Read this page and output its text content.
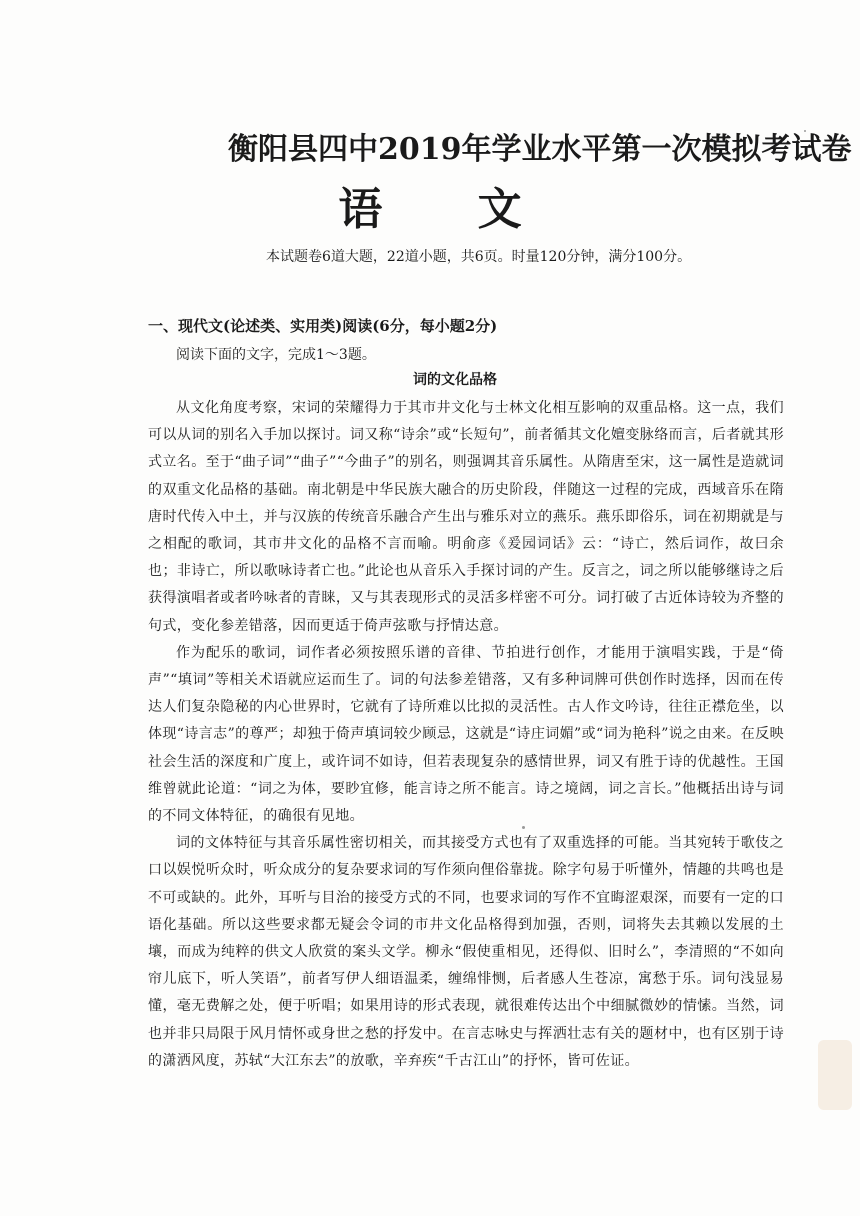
衡阳县四中2019年学业水平第一次模拟考试卷
语 文
本试题卷6道大题，22道小题，共6页。时量120分钟，满分100分。
一、现代文(论述类、实用类)阅读(6分，每小题2分)
阅读下面的文字，完成1～3题。
词的文化品格

从文化角度考察，宋词的荣耀得力于其市井文化与士林文化相互影响的双重品格。这一点，我们可以从词的别名入手加以探讨。词又称“诗余”或“长短句”，前者循其文化嬗变脉络而言，后者就其形式立名。至于“曲子词”“曲子”“今曲子”的别名，则强调其音乐属性。从隋唐至宋，这一属性是造就词的双重文化品格的基础。南北朝是中华民族大融合的历史阶段，伴随这一过程的完成，西域音乐在隋唐时代传入中土，并与汉族的传统音乐融合产生出与雅乐对立的燕乐。燕乐即俗乐，词在初期就是与之相配的歌词，其市井文化的品格不言而喻。明俞彦《爰园词话》云：“诗亡，然后词作，故曰余也；非诗亡，所以歌咏诗者亡也。”此论也从音乐入手探讨词的产生。反言之，词之所以能够继诗之后获得演唱者或者吟咏者的青睐，又与其表现形式的灵活多样密不可分。词打破了古近体诗较为齐整的句式，变化参差错落，因而更适于倚声弦歌与抒情达意。

作为配乐的歌词，词作者必须按照乐谱的音律、节拍进行创作，才能用于演唱实践，于是“倚声”“填词”等相关术语就应运而生了。词的句法参差错落，又有多种词牌可供创作时选择，因而在传达人们复杂隐秘的内心世界时，它就有了诗所难以比拟的灵活性。古人作文吟诗，往往正襟危坐，以体现“诗言志”的尊严；却独于倚声填词较少顾忌，这就是“诗庄词媚”或“词为艳科”说之由来。在反映社会生活的深度和广度上，或许词不如诗，但若表现复杂的感情世界，词又有胜于诗的优越性。王国维曾就此论道：“词之为体，要眇宜修，能言诗之所不能言。诗之境阔，词之言长。”他概括出诗与词的不同文体特征，的确很有见地。

词的文体特征与其音乐属性密切相关，而其接受方式也有了双重选择的可能。当其宛转于歌伎之口以娱悦听众时，听众成分的复杂要求词的写作须向俚俗靠拢。除字句易于听懂外，情趣的共鸣也是不可或缺的。此外，耳听与目治的接受方式的不同，也要求词的写作不宜晦涩艰深，而要有一定的口语化基础。所以这些要求都无疑会令词的市井文化品格得到加强，否则，词将失去其赖以发展的土壤，而成为纯粹的供文人欣赏的案头文学。柳永“假使重相见，还得似、旧时么”，李清照的“不如向帘儿底下，听人笑语”，前者写伊人细语温柔，缠绵悱恻，后者感人生苍凉，寓愁于乐。词句浅显易懂，毫无费解之处，便于听唱；如果用诗的形式表现，就很难传达出个中细腻微妙的情愫。当然，词也并非只局限于风月情怀或身世之愁的抒发中。在言志咏史与挥洒壮志有关的题材中，也有区别于诗的潇洒风度，苏轼“大江东去”的放歌，辛弃疾“千古江山”的抒怀，皆可佐证。
